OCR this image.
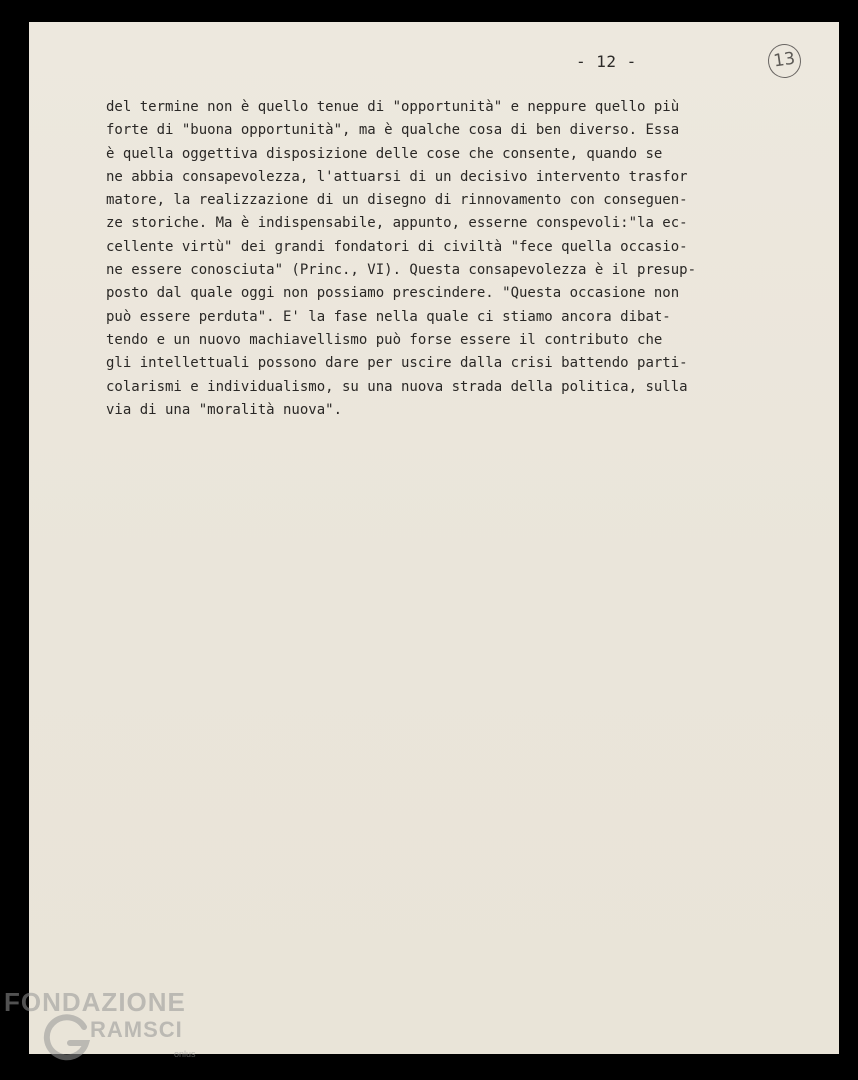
- 12 -	13
del termine non è quello tenue di "opportunità" e neppure quello più
forte di "buona opportunità", ma è qualche cosa di ben diverso. Essa
è quella oggettiva disposizione delle cose che consente, quando se
ne abbia consapevolezza, l'attuarsi di un decisivo intervento trasfor
matore, la realizzazione di un disegno di rinnovamento con conseguen-
ze storiche. Ma è indispensabile, appunto, esserne conspevoli:"la ec-
cellente virtù" dei grandi fondatori di civiltà "fece quella occasio-
ne essere conosciuta" (Princ., VI). Questa consapevolezza è il presup-
posto dal quale oggi non possiamo prescindere. "Questa occasione non
può essere perduta". E' la fase nella quale ci stiamo ancora dibat-
tendo e un nuovo machiavellismo può forse essere il contributo che
gli intellettuali possono dare per uscire dalla crisi battendo parti-
colarismi e individualismo, su una nuova strada della politica, sulla
via di una "moralità nuova".
FONDAZIONE
RAMSCI
onlus
